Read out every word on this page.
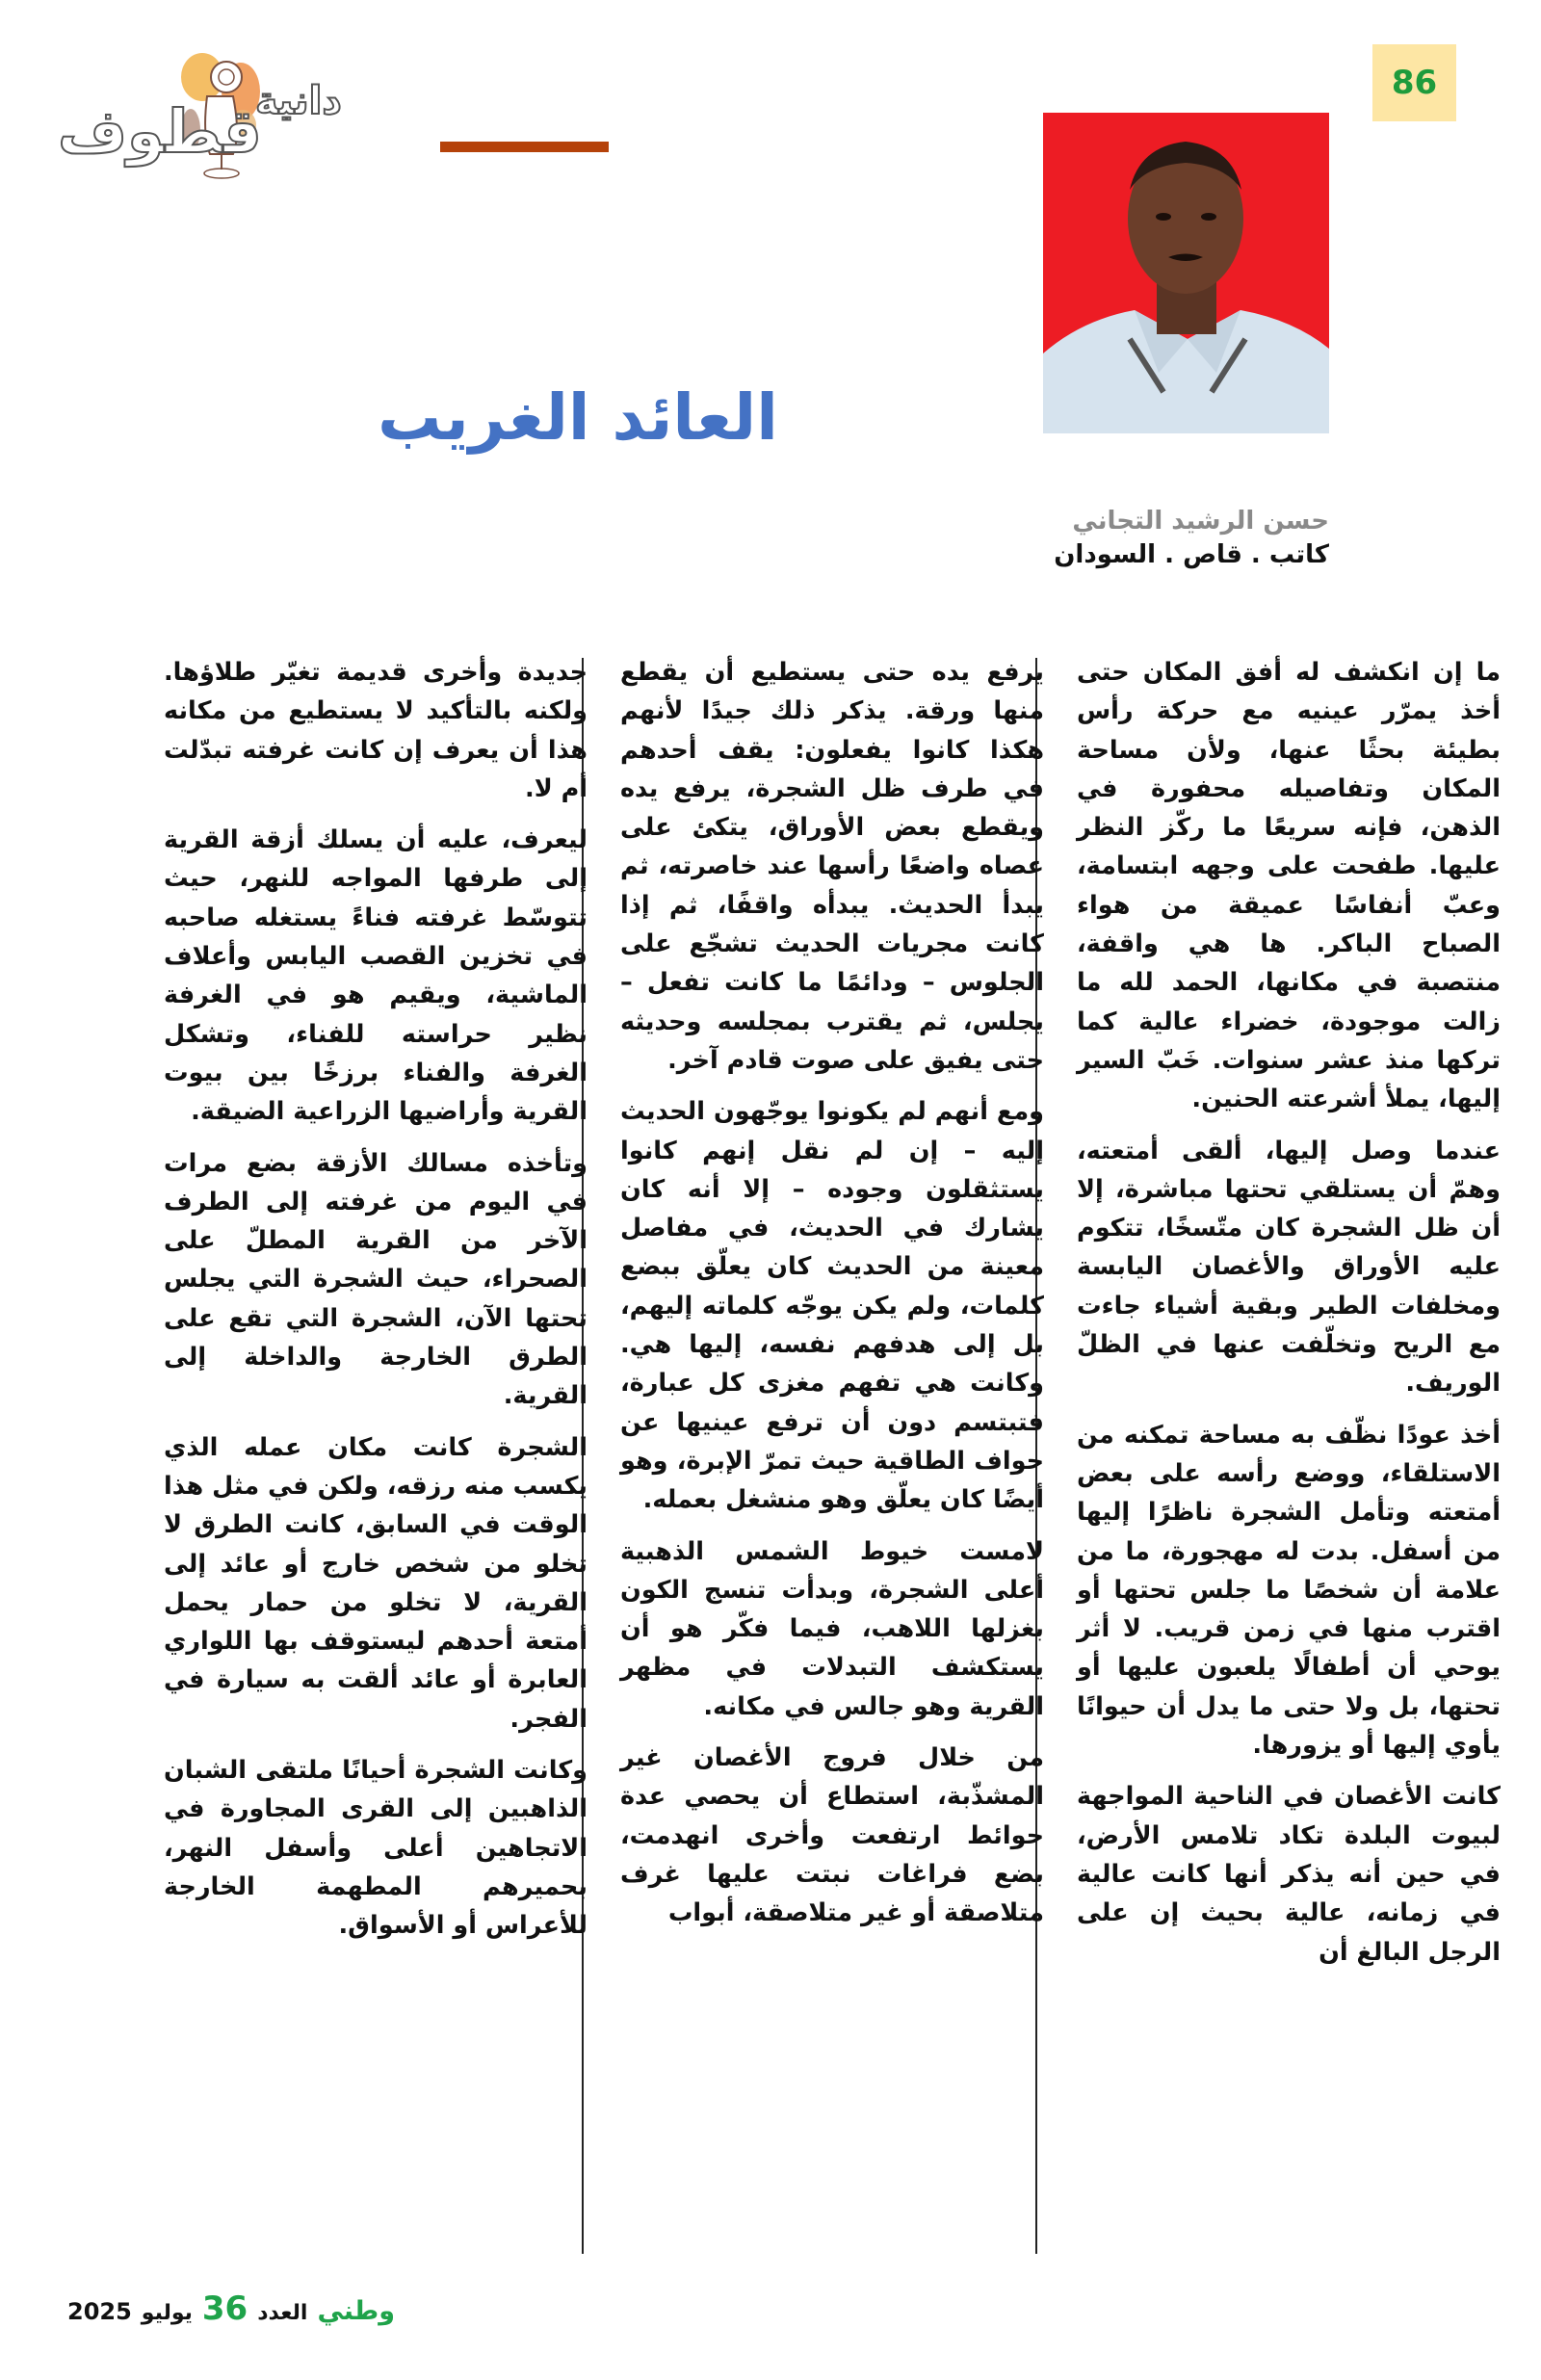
دانية
قطوف
86
حسن الرشيد التجاني
كاتب . قاص . السودان
العائد الغريب

ما إن انكشف له أفق المكان حتى أخذ يمرّر عينيه مع حركة رأس بطيئة بحثًا عنها، ولأن مساحة المكان وتفاصيله محفورة في الذهن، فإنه سريعًا ما ركّز النظر عليها. طفحت على وجهه ابتسامة، وعبّ أنفاسًا عميقة من هواء الصباح الباكر. ها هي واقفة، منتصبة في مكانها، الحمد لله ما زالت موجودة، خضراء عالية كما تركها منذ عشر سنوات. خَبّ السير إليها، يملأ أشرعته الحنين.

عندما وصل إليها، ألقى أمتعته، وهمّ أن يستلقي تحتها مباشرة، إلا أن ظل الشجرة كان متّسخًا، تتكوم عليه الأوراق والأغصان اليابسة ومخلفات الطير وبقية أشياء جاءت مع الريح وتخلّفت عنها في الظلّ الوريف.

أخذ عودًا نظّف به مساحة تمكنه من الاستلقاء، ووضع رأسه على بعض أمتعته وتأمل الشجرة ناظرًا إليها من أسفل. بدت له مهجورة، ما من علامة أن شخصًا ما جلس تحتها أو اقترب منها في زمن قريب. لا أثر يوحي أن أطفالًا يلعبون عليها أو تحتها، بل ولا حتى ما يدل أن حيوانًا يأوي إليها أو يزورها.

كانت الأغصان في الناحية المواجهة لبيوت البلدة تكاد تلامس الأرض، في حين أنه يذكر أنها كانت عالية في زمانه، عالية بحيث إن على الرجل البالغ أن

يرفع يده حتى يستطيع أن يقطع منها ورقة. يذكر ذلك جيدًا لأنهم هكذا كانوا يفعلون: يقف أحدهم في طرف ظل الشجرة، يرفع يده ويقطع بعض الأوراق، يتكئ على عصاه واضعًا رأسها عند خاصرته، ثم يبدأ الحديث. يبدأه واقفًا، ثم إذا كانت مجريات الحديث تشجّع على الجلوس – ودائمًا ما كانت تفعل – يجلس، ثم يقترب بمجلسه وحديثه حتى يفيق على صوت قادم آخر.

ومع أنهم لم يكونوا يوجّهون الحديث إليه – إن لم نقل إنهم كانوا يستثقلون وجوده – إلا أنه كان يشارك في الحديث، في مفاصل معينة من الحديث كان يعلّق ببضع كلمات، ولم يكن يوجّه كلماته إليهم، بل إلى هدفهم نفسه، إليها هي. وكانت هي تفهم مغزى كل عبارة، فتبتسم دون أن ترفع عينيها عن حواف الطاقية حيث تمرّ الإبرة، وهو أيضًا كان يعلّق وهو منشغل بعمله.

لامست خيوط الشمس الذهبية أعلى الشجرة، وبدأت تنسج الكون بغزلها اللاهب، فيما فكّر هو أن يستكشف التبدلات في مظهر القرية وهو جالس في مكانه.

من خلال فروج الأغصان غير المشذّبة، استطاع أن يحصي عدة حوائط ارتفعت وأخرى انهدمت، بضع فراغات نبتت عليها غرف متلاصقة أو غير متلاصقة، أبواب

جديدة وأخرى قديمة تغيّر طلاؤها. ولكنه بالتأكيد لا يستطيع من مكانه هذا أن يعرف إن كانت غرفته تبدّلت أم لا.

ليعرف، عليه أن يسلك أزقة القرية إلى طرفها المواجه للنهر، حيث تتوسّط غرفته فناءً يستغله صاحبه في تخزين القصب اليابس وأعلاف الماشية، ويقيم هو في الغرفة نظير حراسته للفناء، وتشكل الغرفة والفناء برزخًا بين بيوت القرية وأراضيها الزراعية الضيقة.

وتأخذه مسالك الأزقة بضع مرات في اليوم من غرفته إلى الطرف الآخر من القرية المطلّ على الصحراء، حيث الشجرة التي يجلس تحتها الآن، الشجرة التي تقع على الطرق الخارجة والداخلة إلى القرية.

الشجرة كانت مكان عمله الذي يكسب منه رزقه، ولكن في مثل هذا الوقت في السابق، كانت الطرق لا تخلو من شخص خارج أو عائد إلى القرية، لا تخلو من حمار يحمل أمتعة أحدهم ليستوقف بها اللواري العابرة أو عائد ألقت به سيارة في الفجر.

وكانت الشجرة أحيانًا ملتقى الشبان الذاهبين إلى القرى المجاورة في الاتجاهين أعلى وأسفل النهر، بحميرهم المطهمة الخارجة للأعراس أو الأسواق.

وطني
العدد
36
يوليو
2025
